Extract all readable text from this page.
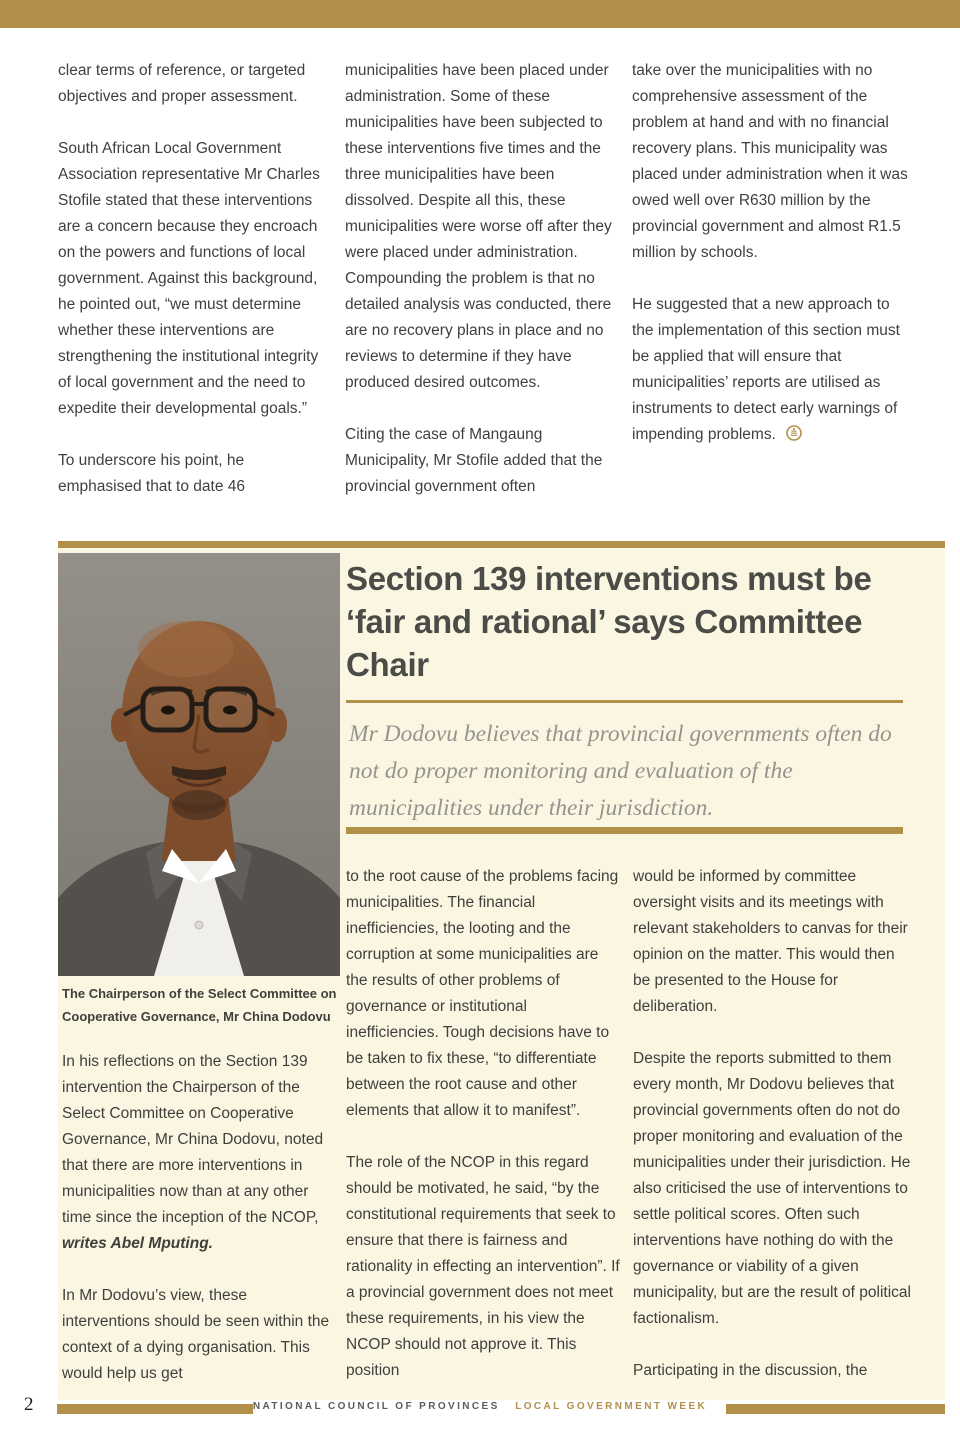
clear terms of reference, or targeted objectives and proper assessment.

South African Local Government Association representative Mr Charles Stofile stated that these interventions are a concern because they encroach on the powers and functions of local government. Against this background, he pointed out, “we must determine whether these interventions are strengthening the institutional integrity of local government and the need to expedite their developmental goals.”

To underscore his point, he emphasised that to date 46

municipalities have been placed under administration. Some of these municipalities have been subjected to these interventions five times and the three municipalities have been dissolved. Despite all this, these municipalities were worse off after they were placed under administration. Compounding the problem is that no detailed analysis was conducted, there are no recovery plans in place and no reviews to determine if they have produced desired outcomes.

Citing the case of Mangaung Municipality, Mr Stofile added that the provincial government often

take over the municipalities with no comprehensive assessment of the problem at hand and with no financial recovery plans. This municipality was placed under administration when it was owed well over R630 million by the provincial government and almost R1.5 million by schools.

He suggested that a new approach to the implementation of this section must be applied that will ensure that municipalities’ reports are utilised as instruments to detect early warnings of impending problems.

Section 139 interventions must be ‘fair and rational’ says Committee Chair
Mr Dodovu believes that provincial governments often do not do proper monitoring and evaluation of the municipalities under their jurisdiction.
The Chairperson of the Select Committee on Cooperative Governance, Mr China Dodovu

In his reflections on the Section 139 intervention the Chairperson of the Select Committee on Cooperative Governance, Mr China Dodovu, noted that there are more interventions in municipalities now than at any other time since the inception of the NCOP, writes Abel Mputing.

In Mr Dodovu’s view, these interventions should be seen within the context of a dying organisation. This would help us get

to the root cause of the problems facing municipalities. The financial inefficiencies, the looting and the corruption at some municipalities are the results of other problems of governance or institutional inefficiencies. Tough decisions have to be taken to fix these, “to differentiate between the root cause and other elements that allow it to manifest”.

The role of the NCOP in this regard should be motivated, he said, “by the constitutional requirements that seek to ensure that there is fairness and rationality in effecting an intervention”. If a provincial government does not meet these requirements, in his view the NCOP should not approve it. This position

would be informed by committee oversight visits and its meetings with relevant stakeholders to canvas for their opinion on the matter. This would then be presented to the House for deliberation.

Despite the reports submitted to them every month, Mr Dodovu believes that provincial governments often do not do proper monitoring and evaluation of the municipalities under their jurisdiction. He also criticised the use of interventions to settle political scores. Often such interventions have nothing do with the governance or viability of a given municipality, but are the result of political factionalism.

Participating in the discussion, the

2	NATIONAL COUNCIL OF PROVINCES LOCAL GOVERNMENT WEEK
